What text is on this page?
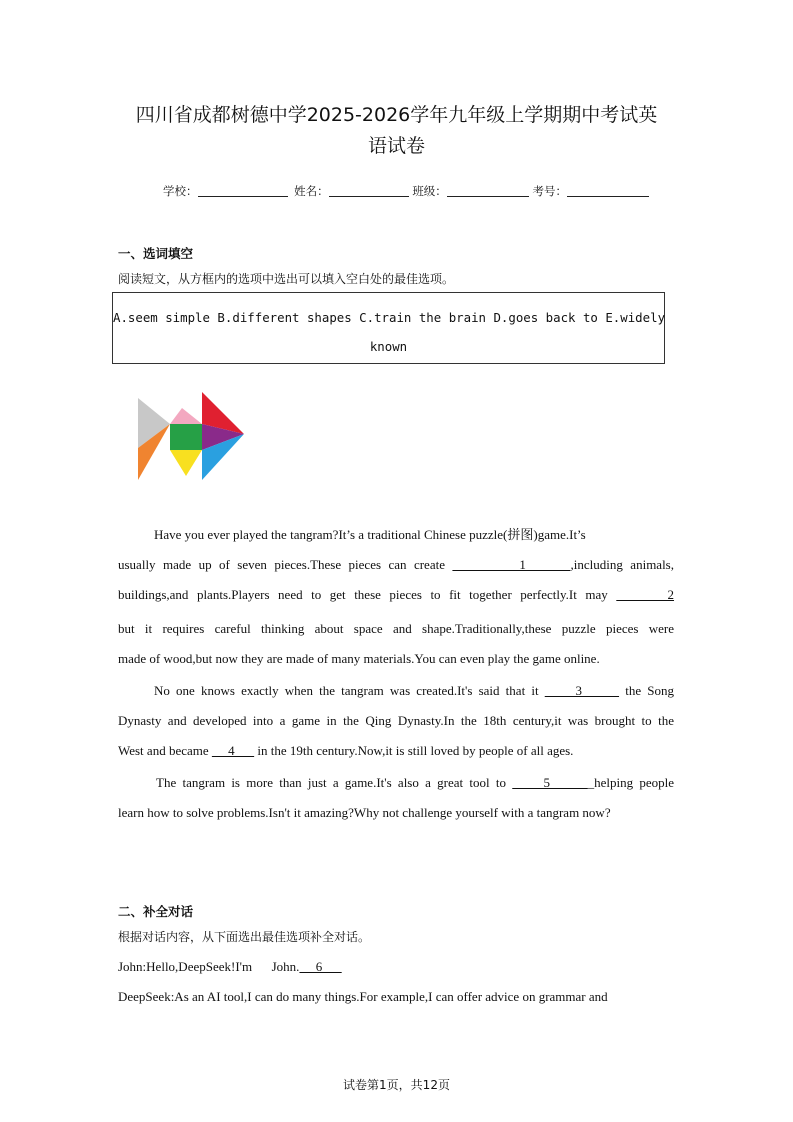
四川省成都树德中学2025-2026学年九年级上学期期中考试英
语试卷
学校：	姓名：	班级：	考号：
一、选词填空
阅读短文，从方框内的选项中选出可以填入空白处的最佳选项。
A.seem simple B.different shapes C.train the brain D.goes back to E.widely
known
Have you ever played the tangram?It’s a traditional Chinese puzzle(拼图)game.It’s
usually made up of seven pieces.These pieces can create          1      ,including animals,
buildings,and plants.Players need to get these pieces to fit together perfectly.It may       2
but it requires careful thinking about space and shape.Traditionally,these puzzle pieces were
made of wood,but now they are made of many materials.You can even play the game online.
No one knows exactly when the tangram was created.It's said that it      3       the Song
Dynasty and developed into a game in the Qing Dynasty.In the 18th century,it was brought to the
West and became      4       in the 19th century.Now,it is still loved by people of all ages.
The tangram is more than just a game.It's also a great tool to      5      _helping people
learn how to solve problems.Isn't it amazing?Why not challenge yourself with a tangram now?
二、补全对话
根据对话内容，从下面选出最佳选项补全对话。
John:Hello,DeepSeek!I'm      John.     6
DeepSeek:As an AI tool,I can do many things.For example,I can offer advice on grammar and
试卷第1页，共12页
